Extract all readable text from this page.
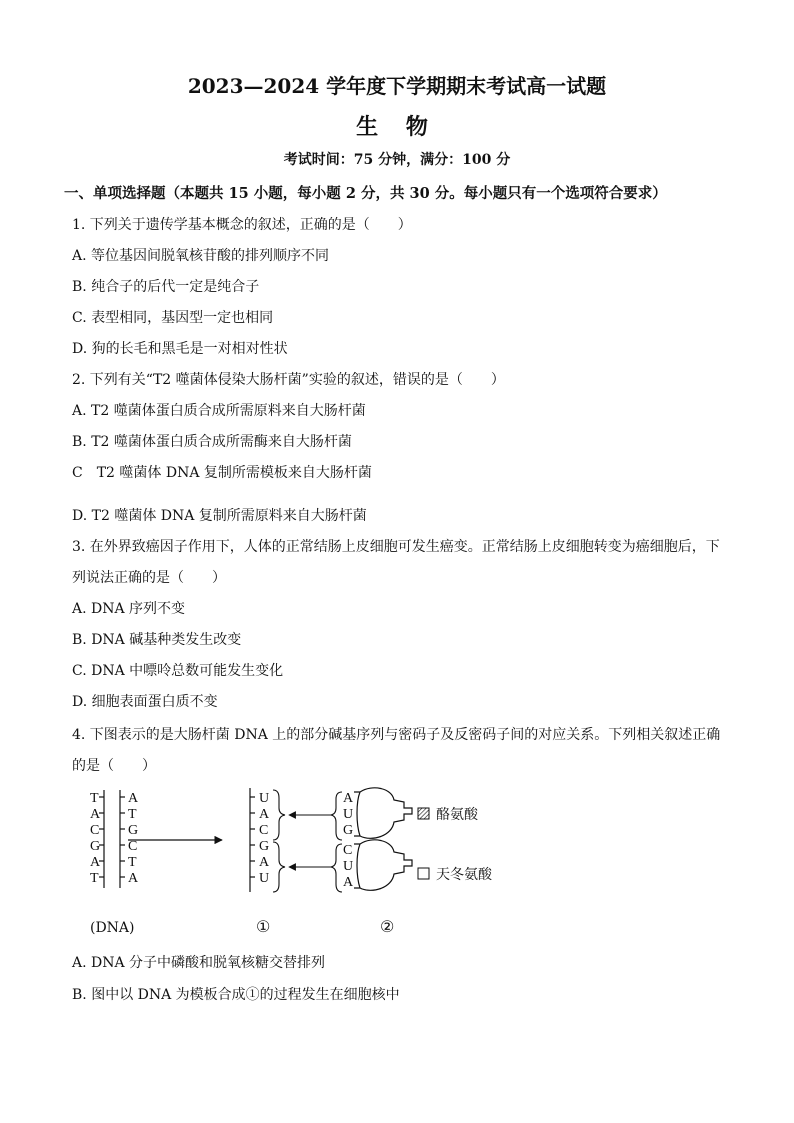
2023—2024 学年度下学期期末考试高一试题
生 物
考试时间：75 分钟，满分：100 分
一、单项选择题（本题共 15 小题，每小题 2 分，共 30 分。每小题只有一个选项符合要求）
1. 下列关于遗传学基本概念的叙述，正确的是（　　）
A. 等位基因间脱氧核苷酸的排列顺序不同
B. 纯合子的后代一定是纯合子
C. 表型相同，基因型一定也相同
D. 狗的长毛和黑毛是一对相对性状
2. 下列有关“T2 噬菌体侵染大肠杆菌”实验的叙述，错误的是（　　）
A. T2 噬菌体蛋白质合成所需原料来自大肠杆菌
B. T2 噬菌体蛋白质合成所需酶来自大肠杆菌
C　T2 噬菌体 DNA 复制所需模板来自大肠杆菌
D. T2 噬菌体 DNA 复制所需原料来自大肠杆菌
3. 在外界致癌因子作用下，人体的正常结肠上皮细胞可发生癌变。正常结肠上皮细胞转变为癌细胞后，下
列说法正确的是（　　）
A. DNA 序列不变
B. DNA 碱基种类发生改变
C. DNA 中嘌呤总数可能发生变化
D. 细胞表面蛋白质不变
4. 下图表示的是大肠杆菌 DNA 上的部分碱基序列与密码子及反密码子间的对应关系。下列相关叙述正确
的是（　　）
T
A
C
G
A
T
A
T
G
C
T
A
U
A
C
G
A
U
A
U
G
酪氨酸
C
U
A	天冬氨酸
(DNA)	①	②
A. DNA 分子中磷酸和脱氧核糖交替排列
B. 图中以 DNA 为模板合成①的过程发生在细胞核中
